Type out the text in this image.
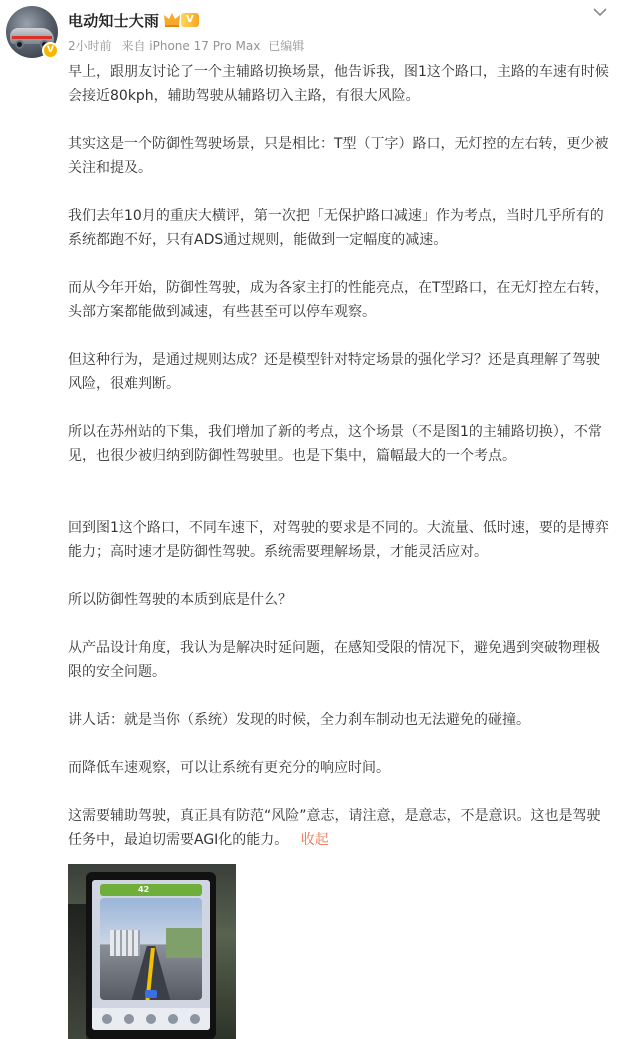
V
电动知士大雨	V
2小时前 来自 iPhone 17 Pro Max 已编辑

早上，跟朋友讨论了一个主辅路切换场景，他告诉我，图1这个路口，主路的车速有时候会接近80kph，辅助驾驶从辅路切入主路，有很大风险。

其实这是一个防御性驾驶场景，只是相比：T型（丁字）路口，无灯控的左右转，更少被关注和提及。

我们去年10月的重庆大横评，第一次把「无保护路口减速」作为考点，当时几乎所有的系统都跑不好，只有ADS通过规则，能做到一定幅度的减速。

而从今年开始，防御性驾驶，成为各家主打的性能亮点，在T型路口，在无灯控左右转，头部方案都能做到减速，有些甚至可以停车观察。

但这种行为，是通过规则达成？还是模型针对特定场景的强化学习？还是真理解了驾驶风险，很难判断。

所以在苏州站的下集，我们增加了新的考点，这个场景（不是图1的主辅路切换），不常见，也很少被归纳到防御性驾驶里。也是下集中，篇幅最大的一个考点。

回到图1这个路口，不同车速下，对驾驶的要求是不同的。大流量、低时速，要的是博弈能力；高时速才是防御性驾驶。系统需要理解场景，才能灵活应对。

所以防御性驾驶的本质到底是什么？

从产品设计角度，我认为是解决时延问题，在感知受限的情况下，避免遇到突破物理极限的安全问题。

讲人话：就是当你（系统）发现的时候，全力刹车制动也无法避免的碰撞。

而降低车速观察，可以让系统有更充分的响应时间。

这需要辅助驾驶，真正具有防范“风险”意志，请注意，是意志，不是意识。这也是驾驶任务中，最迫切需要AGI化的能力。 收起

42
